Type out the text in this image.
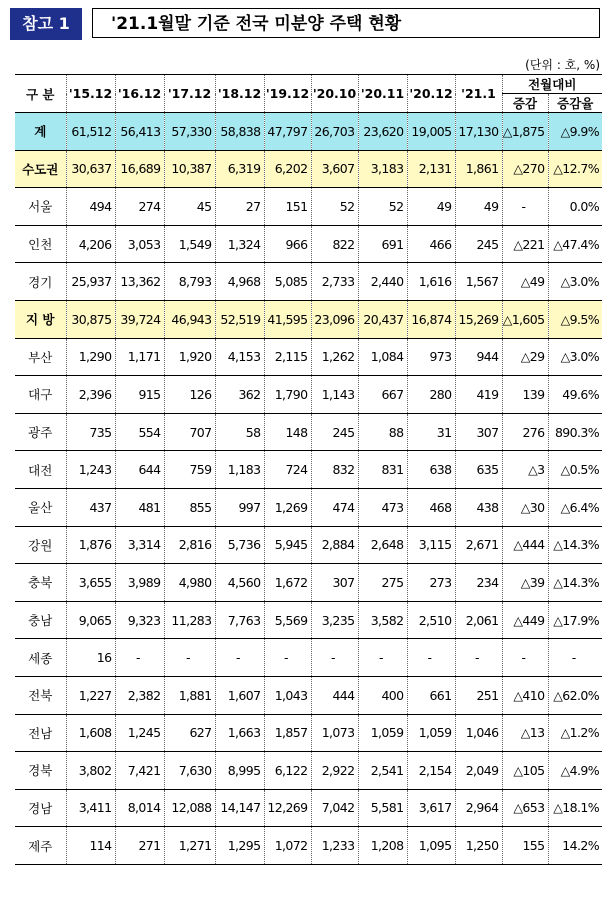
참고 1	'21.1월말 기준 전국 미분양 주택 현황
(단위 : 호, %)
구 분	'15.12	'16.12	'17.12	'18.12	'19.12	'20.10	'20.11	'20.12	'21.1	전월대비	
										증감	증감율
계	61,512	56,413	57,330	58,838	47,797	26,703	23,620	19,005	17,130	△1,875	△9.9%
수도권	30,637	16,689	10,387	6,319	6,202	3,607	3,183	2,131	1,861	△270	△12.7%
서울	494	274	45	27	151	52	52	49	49	-	0.0%
인천	4,206	3,053	1,549	1,324	966	822	691	466	245	△221	△47.4%
경기	25,937	13,362	8,793	4,968	5,085	2,733	2,440	1,616	1,567	△49	△3.0%
지 방	30,875	39,724	46,943	52,519	41,595	23,096	20,437	16,874	15,269	△1,605	△9.5%
부산	1,290	1,171	1,920	4,153	2,115	1,262	1,084	973	944	△29	△3.0%
대구	2,396	915	126	362	1,790	1,143	667	280	419	139	49.6%
광주	735	554	707	58	148	245	88	31	307	276	890.3%
대전	1,243	644	759	1,183	724	832	831	638	635	△3	△0.5%
울산	437	481	855	997	1,269	474	473	468	438	△30	△6.4%
강원	1,876	3,314	2,816	5,736	5,945	2,884	2,648	3,115	2,671	△444	△14.3%
충북	3,655	3,989	4,980	4,560	1,672	307	275	273	234	△39	△14.3%
충남	9,065	9,323	11,283	7,763	5,569	3,235	3,582	2,510	2,061	△449	△17.9%
세종	16	-	-	-	-	-	-	-	-	-	-
전북	1,227	2,382	1,881	1,607	1,043	444	400	661	251	△410	△62.0%
전남	1,608	1,245	627	1,663	1,857	1,073	1,059	1,059	1,046	△13	△1.2%
경북	3,802	7,421	7,630	8,995	6,122	2,922	2,541	2,154	2,049	△105	△4.9%
경남	3,411	8,014	12,088	14,147	12,269	7,042	5,581	3,617	2,964	△653	△18.1%
제주	114	271	1,271	1,295	1,072	1,233	1,208	1,095	1,250	155	14.2%
